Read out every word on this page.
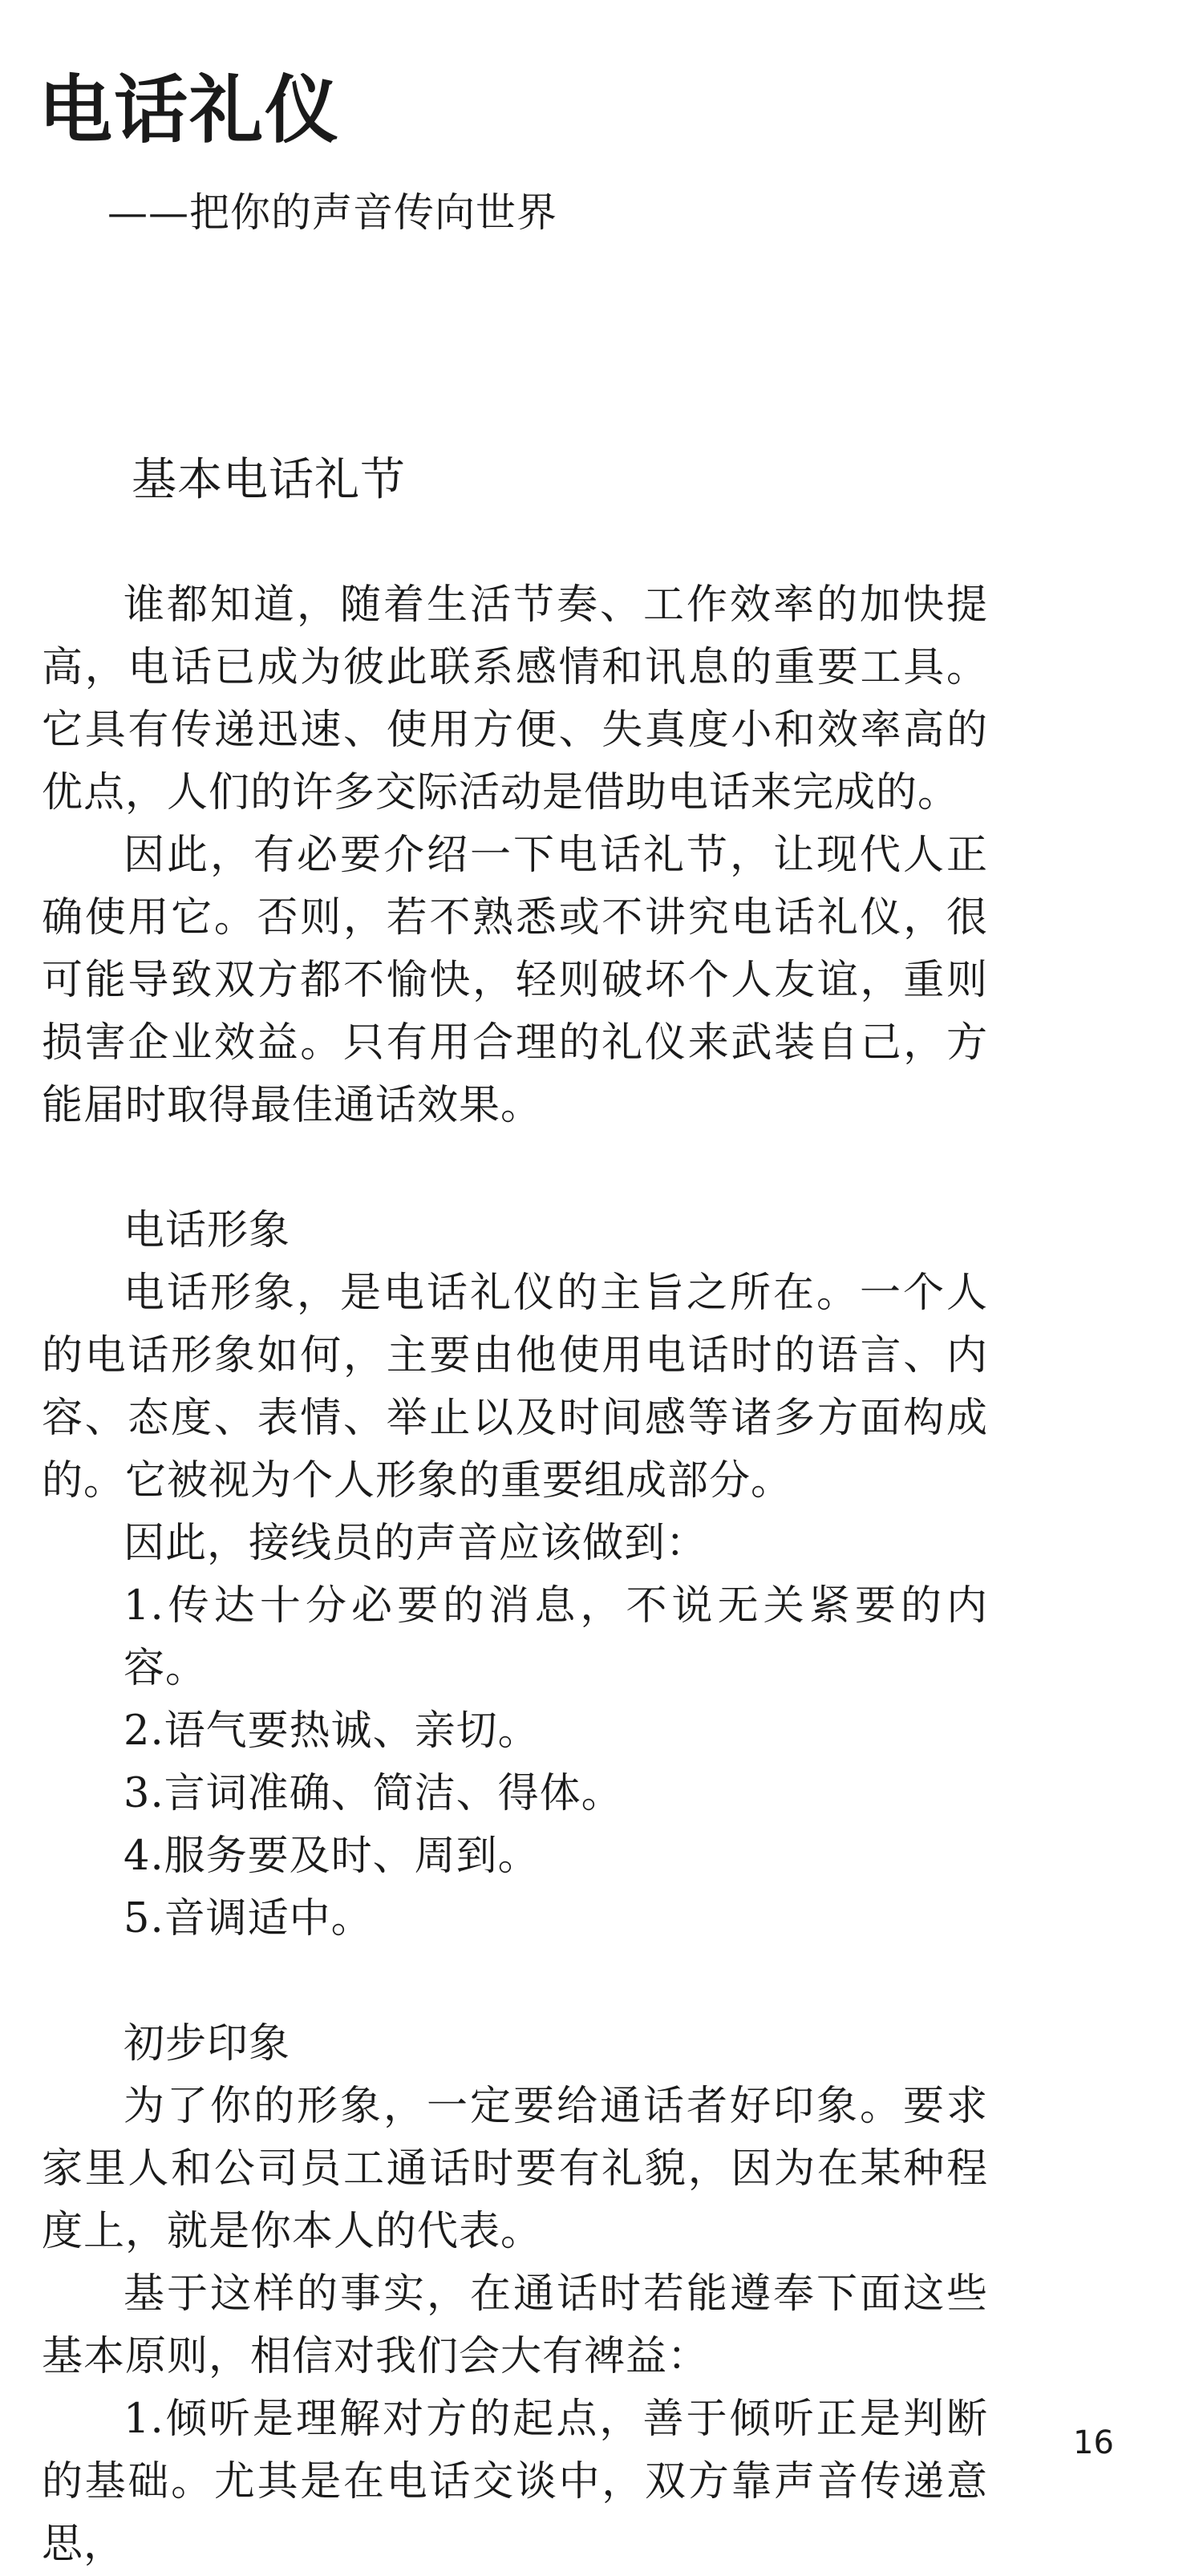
电话礼仪
——把你的声音传向世界

基本电话礼节

谁都知道，随着生活节奏、工作效率的加快提高，电话已成为彼此联系感情和讯息的重要工具。它具有传递迅速、使用方便、失真度小和效率高的优点，人们的许多交际活动是借助电话来完成的。

因此，有必要介绍一下电话礼节，让现代人正确使用它。否则，若不熟悉或不讲究电话礼仪，很可能导致双方都不愉快，轻则破坏个人友谊，重则损害企业效益。只有用合理的礼仪来武装自己，方能届时取得最佳通话效果。

电话形象

电话形象，是电话礼仪的主旨之所在。一个人的电话形象如何，主要由他使用电话时的语言、内容、态度、表情、举止以及时间感等诸多方面构成的。它被视为个人形象的重要组成部分。

因此，接线员的声音应该做到：

1.传达十分必要的消息，不说无关紧要的内容。

2.语气要热诚、亲切。

3.言词准确、简洁、得体。

4.服务要及时、周到。

5.音调适中。

初步印象

为了你的形象，一定要给通话者好印象。要求家里人和公司员工通话时要有礼貌，因为在某种程度上，就是你本人的代表。

基于这样的事实，在通话时若能遵奉下面这些基本原则，相信对我们会大有裨益：

1.倾听是理解对方的起点，善于倾听正是判断的基础。尤其是在电话交谈中，双方靠声音传递意思，

16
